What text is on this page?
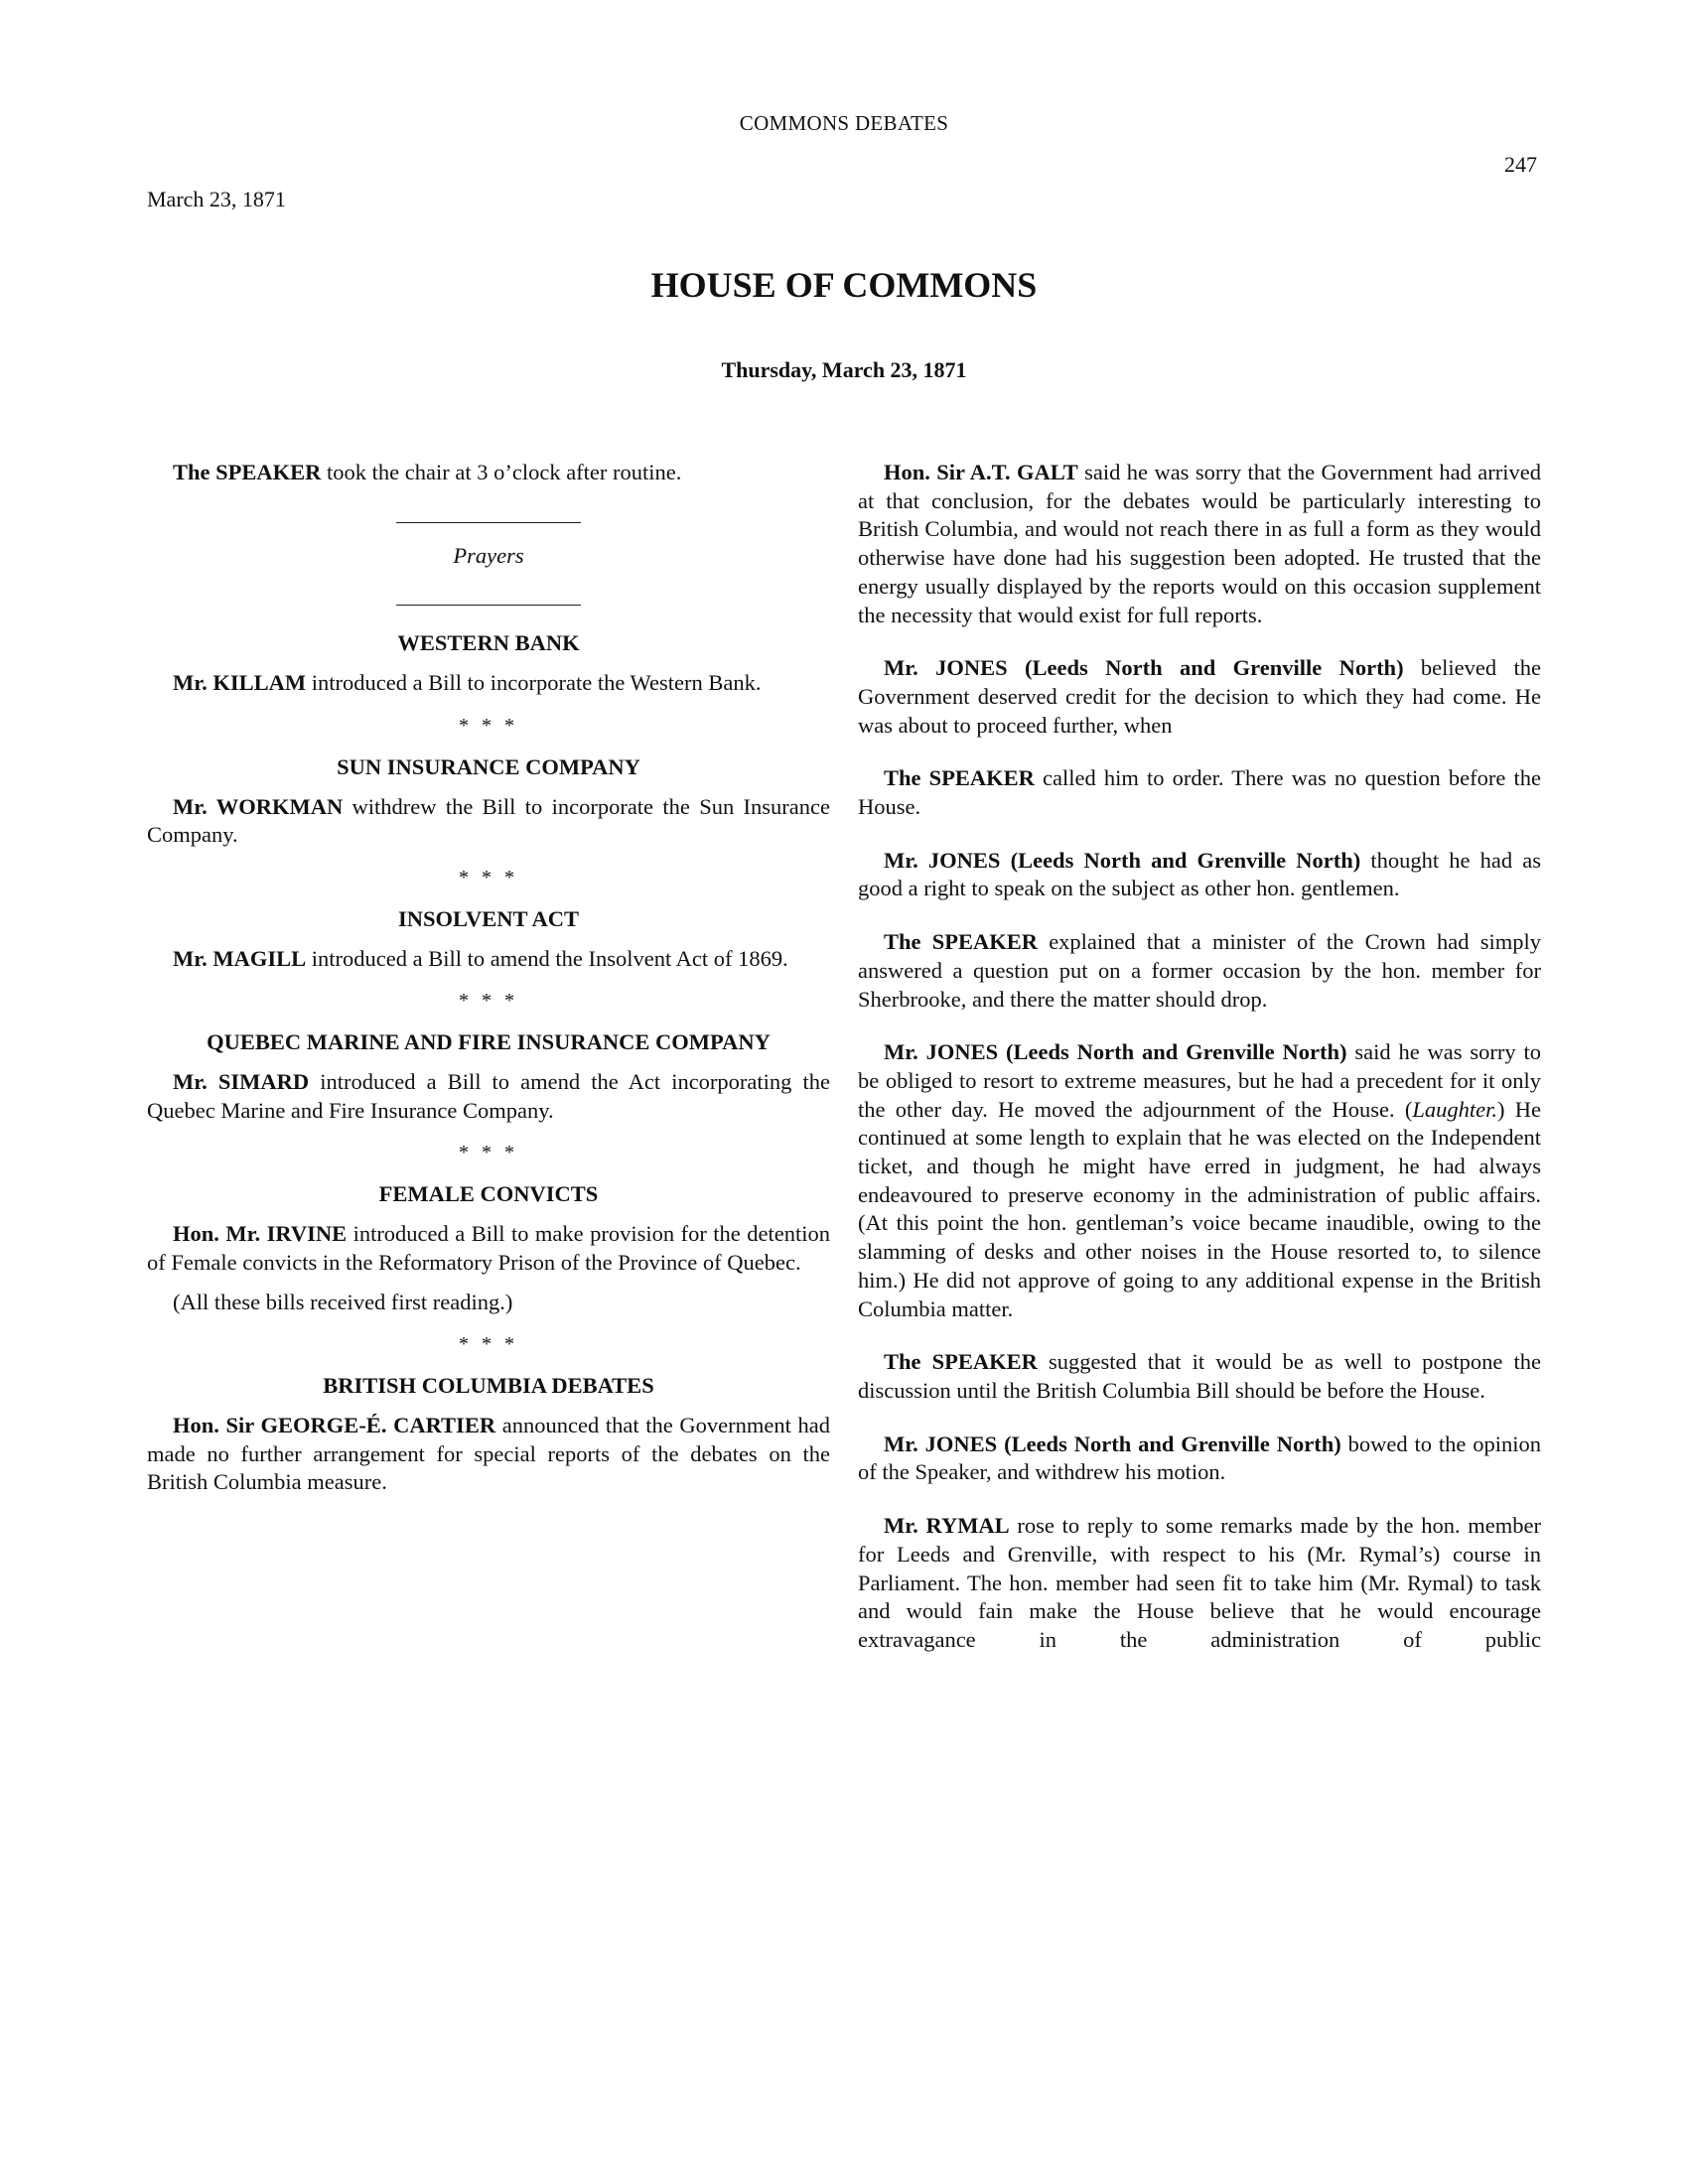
COMMONS DEBATES
247
March 23, 1871
HOUSE OF COMMONS
Thursday, March 23, 1871

The SPEAKER took the chair at 3 o’clock after routine.

Prayers

WESTERN BANK

Mr. KILLAM introduced a Bill to incorporate the Western Bank.

* * *
SUN INSURANCE COMPANY

Mr. WORKMAN withdrew the Bill to incorporate the Sun Insurance Company.

* * *
INSOLVENT ACT

Mr. MAGILL introduced a Bill to amend the Insolvent Act of 1869.

* * *
QUEBEC MARINE AND FIRE INSURANCE COMPANY

Mr. SIMARD introduced a Bill to amend the Act incorporating the Quebec Marine and Fire Insurance Company.

* * *
FEMALE CONVICTS

Hon. Mr. IRVINE introduced a Bill to make provision for the detention of Female convicts in the Reformatory Prison of the Province of Quebec.

(All these bills received first reading.)

* * *
BRITISH COLUMBIA DEBATES

Hon. Sir GEORGE-É. CARTIER announced that the Government had made no further arrangement for special reports of the debates on the British Columbia measure.

Hon. Sir A.T. GALT said he was sorry that the Government had arrived at that conclusion, for the debates would be particularly interesting to British Columbia, and would not reach there in as full a form as they would otherwise have done had his suggestion been adopted. He trusted that the energy usually displayed by the reports would on this occasion supplement the necessity that would exist for full reports.

Mr. JONES (Leeds North and Grenville North) believed the Government deserved credit for the decision to which they had come. He was about to proceed further, when

The SPEAKER called him to order. There was no question before the House.

Mr. JONES (Leeds North and Grenville North) thought he had as good a right to speak on the subject as other hon. gentlemen.

The SPEAKER explained that a minister of the Crown had simply answered a question put on a former occasion by the hon. member for Sherbrooke, and there the matter should drop.

Mr. JONES (Leeds North and Grenville North) said he was sorry to be obliged to resort to extreme measures, but he had a precedent for it only the other day. He moved the adjournment of the House. (Laughter.) He continued at some length to explain that he was elected on the Independent ticket, and though he might have erred in judgment, he had always endeavoured to preserve economy in the administration of public affairs. (At this point the hon. gentleman’s voice became inaudible, owing to the slamming of desks and other noises in the House resorted to, to silence him.) He did not approve of going to any additional expense in the British Columbia matter.

The SPEAKER suggested that it would be as well to postpone the discussion until the British Columbia Bill should be before the House.

Mr. JONES (Leeds North and Grenville North) bowed to the opinion of the Speaker, and withdrew his motion.

Mr. RYMAL rose to reply to some remarks made by the hon. member for Leeds and Grenville, with respect to his (Mr. Rymal’s) course in Parliament. The hon. member had seen fit to take him (Mr. Rymal) to task and would fain make the House believe that he would encourage extravagance in the administration of public
